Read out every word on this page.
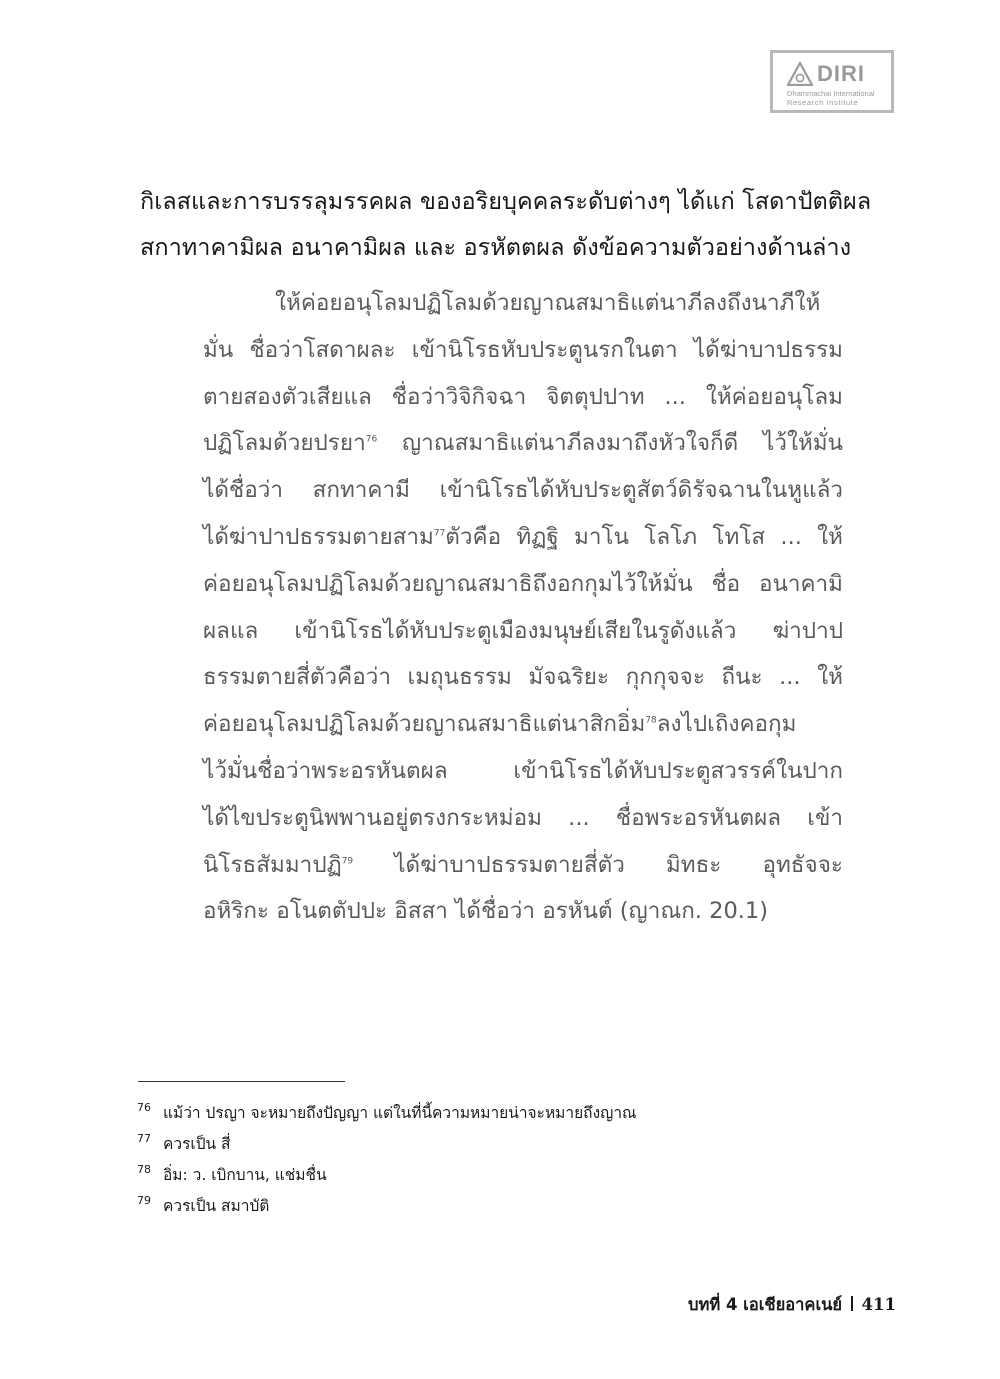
DIRI
Dhammachai International
Research Institute
กิเลสและการบรรลุมรรคผล ของอริยบุคคลระดับต่างๆ ได้แก่ โสดาปัตติผล
สกาทาคามิผล อนาคามิผล และ อรหัตตผล ดังข้อความตัวอย่างด้านล่าง
ให้ค่อยอนุโลมปฏิโลมด้วยญาณสมาธิแต่นาภีลงถึงนาภีให้
มั่น ชื่อว่าโสดาผละ เข้านิโรธหับประตูนรกในตา ได้ฆ่าบาปธรรม
ตายสองตัวเสียแล ชื่อว่าวิจิกิจฉา จิตตุปปาท ... ให้ค่อยอนุโลม
ปฏิโลมด้วยปรยา$^{76}$ ญาณสมาธิแต่นาภีลงมาถึงหัวใจก็ดี ไว้ให้มั่น
ได้ชื่อว่า สกทาคามี เข้านิโรธได้หับประตูสัตว์ดิรัจฉานในหูแล้ว
ได้ฆ่าปาปธรรมตายสาม$^{77}$ตัวคือ ทิฏฐิ มาโน โลโภ โทโส ... ให้
ค่อยอนุโลมปฏิโลมด้วยญาณสมาธิถึงอกกุมไว้ให้มั่น ชื่อ อนาคามิ
ผลแล เข้านิโรธได้หับประตูเมืองมนุษย์เสียในรูดังแล้ว ฆ่าปาป
ธรรมตายสี่ตัวคือว่า เมถุนธรรม มัจฉริยะ กุกกุจจะ ถีนะ ... ให้
ค่อยอนุโลมปฏิโลมด้วยญาณสมาธิแต่นาสิกอิ่ม$^{78}$ลงไปเถิงคอกุม
ไว้มั่นชื่อว่าพระอรหันตผล เข้านิโรธได้หับประตูสวรรค์ในปาก
ได้ไขประตูนิพพานอยู่ตรงกระหม่อม ... ชื่อพระอรหันตผล เข้า
นิโรธสัมมาปฏิ$^{79}$ ได้ฆ่าบาปธรรมตายสี่ตัว มิทธะ อุทธัจจะ
อหิริกะ อโนตตัปปะ อิสสา ได้ชื่อว่า อรหันต์ (ญาณก. 20.1)
76 แม้ว่า ปรญา จะหมายถึงปัญญา แต่ในที่นี้ความหมายน่าจะหมายถึงญาณ
77 ควรเป็น สี่
78 อิ่ม: ว. เบิกบาน, แช่มชื่น
79 ควรเป็น สมาบัติ
บทที่ 4 เอเชียอาคเนย์ 411
